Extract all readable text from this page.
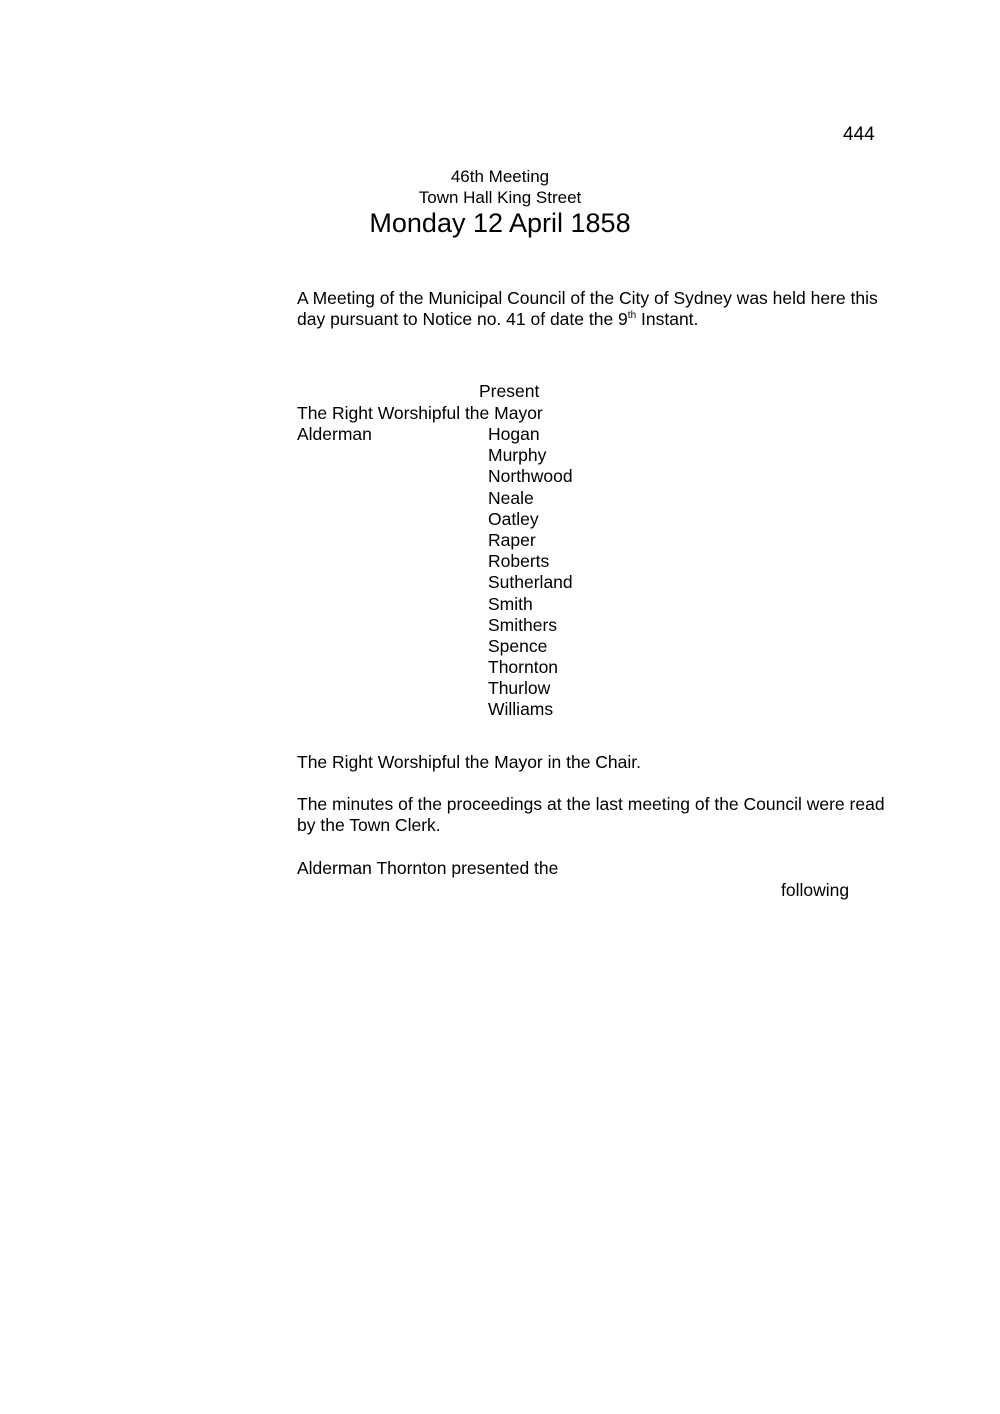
444
46th Meeting
Town Hall King Street
Monday 12 April 1858
A Meeting of the Municipal Council of the City of Sydney was held here this day pursuant to Notice no. 41 of date the 9th Instant.
Present
The Right Worshipful the Mayor
Alderman	Hogan
Murphy
Northwood
Neale
Oatley
Raper
Roberts
Sutherland
Smith
Smithers
Spence
Thornton
Thurlow
Williams
The Right Worshipful the Mayor in the Chair.
The minutes of the proceedings at the last meeting of the Council were read by the Town Clerk.
Alderman Thornton presented the
following
